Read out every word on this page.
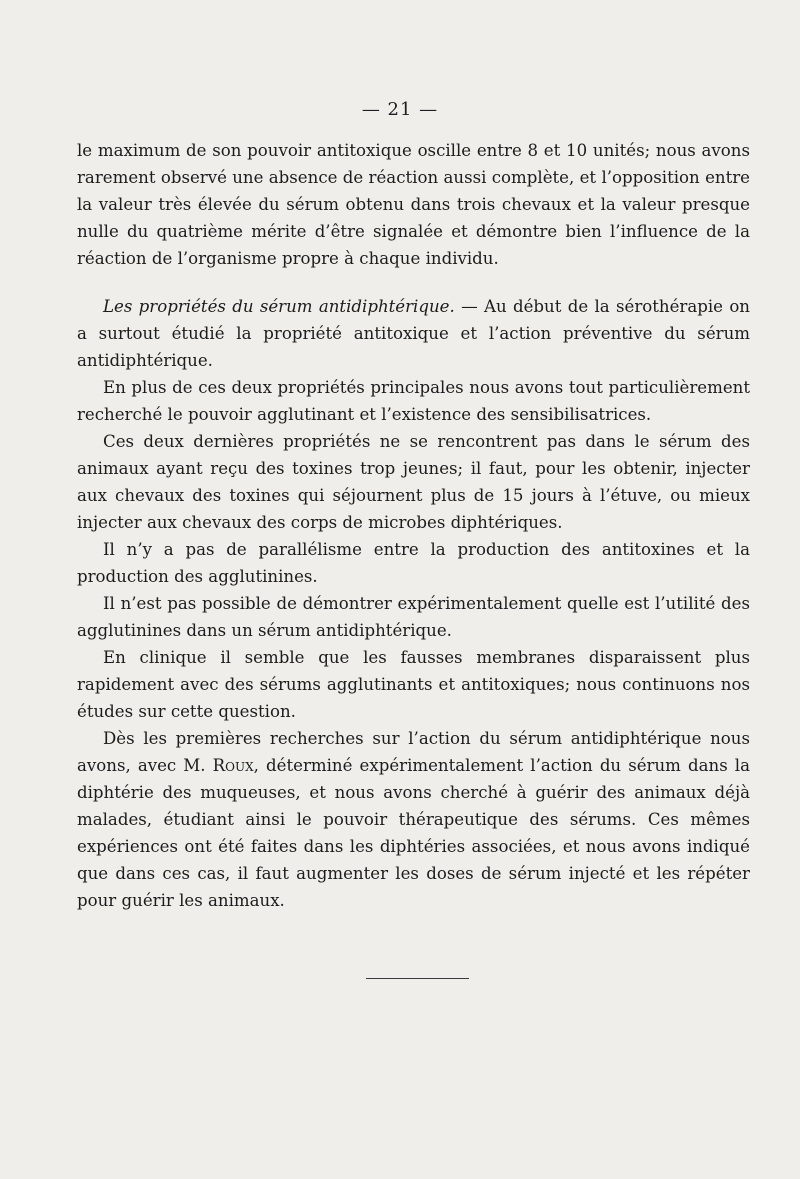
— 21 —

le maximum de son pouvoir antitoxique oscille entre 8 et 10 unités; nous avons rarement observé une absence de réaction aussi complète, et l’opposition entre la valeur très élevée du sérum obtenu dans trois chevaux et la valeur presque nulle du quatrième mérite d’être signalée et démontre bien l’influence de la réaction de l’organisme propre à chaque individu.

Les propriétés du sérum antidiphtérique. — Au début de la sérothérapie on a surtout étudié la propriété antitoxique et l’action préventive du sérum antidiphtérique.

En plus de ces deux propriétés principales nous avons tout particulièrement recherché le pouvoir agglutinant et l’existence des sensibilisatrices.

Ces deux dernières propriétés ne se rencontrent pas dans le sérum des animaux ayant reçu des toxines trop jeunes; il faut, pour les obtenir, injecter aux chevaux des toxines qui séjournent plus de 15 jours à l’étuve, ou mieux injecter aux chevaux des corps de microbes diphtériques.

Il n’y a pas de parallélisme entre la production des antitoxines et la production des agglutinines.

Il n’est pas possible de démontrer expérimentalement quelle est l’utilité des agglutinines dans un sérum antidiphtérique.

En clinique il semble que les fausses membranes disparaissent plus rapidement avec des sérums agglutinants et antitoxiques; nous continuons nos études sur cette question.

Dès les premières recherches sur l’action du sérum antidiphtérique nous avons, avec M. Roux, déterminé expérimentalement l’action du sérum dans la diphtérie des muqueuses, et nous avons cherché à guérir des animaux déjà malades, étudiant ainsi le pouvoir thérapeutique des sérums. Ces mêmes expériences ont été faites dans les diphtéries associées, et nous avons indiqué que dans ces cas, il faut augmenter les doses de sérum injecté et les répéter pour guérir les animaux.
